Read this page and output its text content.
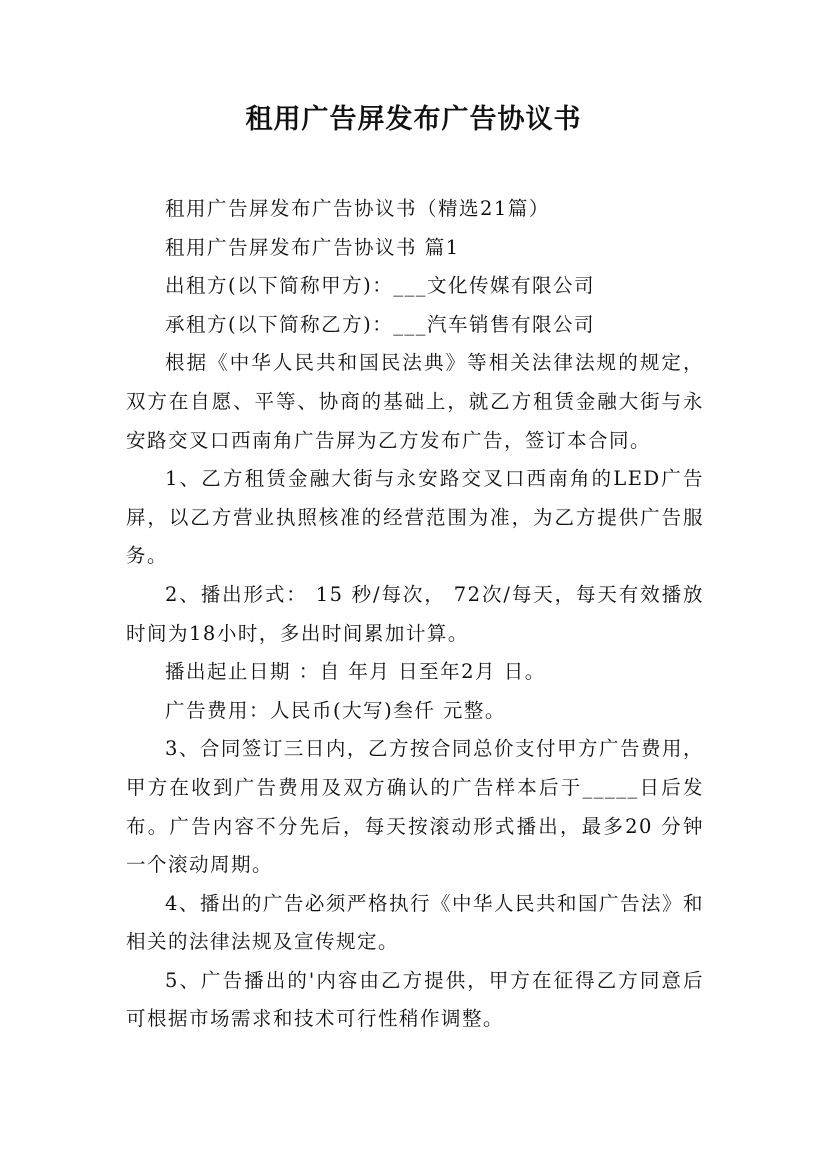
租用广告屏发布广告协议书

租用广告屏发布广告协议书（精选21篇）

租用广告屏发布广告协议书 篇1

出租方(以下简称甲方)：___文化传媒有限公司

承租方(以下简称乙方)：___汽车销售有限公司

根据《中华人民共和国民法典》等相关法律法规的规定，双方在自愿、平等、协商的基础上，就乙方租赁金融大街与永安路交叉口西南角广告屏为乙方发布广告，签订本合同。

1、乙方租赁金融大街与永安路交叉口西南角的LED广告屏，以乙方营业执照核准的经营范围为准，为乙方提供广告服务。

2、播出形式： 15 秒/每次， 72次/每天，每天有效播放时间为18小时，多出时间累加计算。

播出起止日期 ：自 年月 日至年2月 日。

广告费用：人民币(大写)叁仟 元整。

3、合同签订三日内，乙方按合同总价支付甲方广告费用，甲方在收到广告费用及双方确认的广告样本后于_____日后发布。广告内容不分先后，每天按滚动形式播出，最多20 分钟一个滚动周期。

4、播出的广告必须严格执行《中华人民共和国广告法》和相关的法律法规及宣传规定。

5、广告播出的'内容由乙方提供，甲方在征得乙方同意后可根据市场需求和技术可行性稍作调整。
